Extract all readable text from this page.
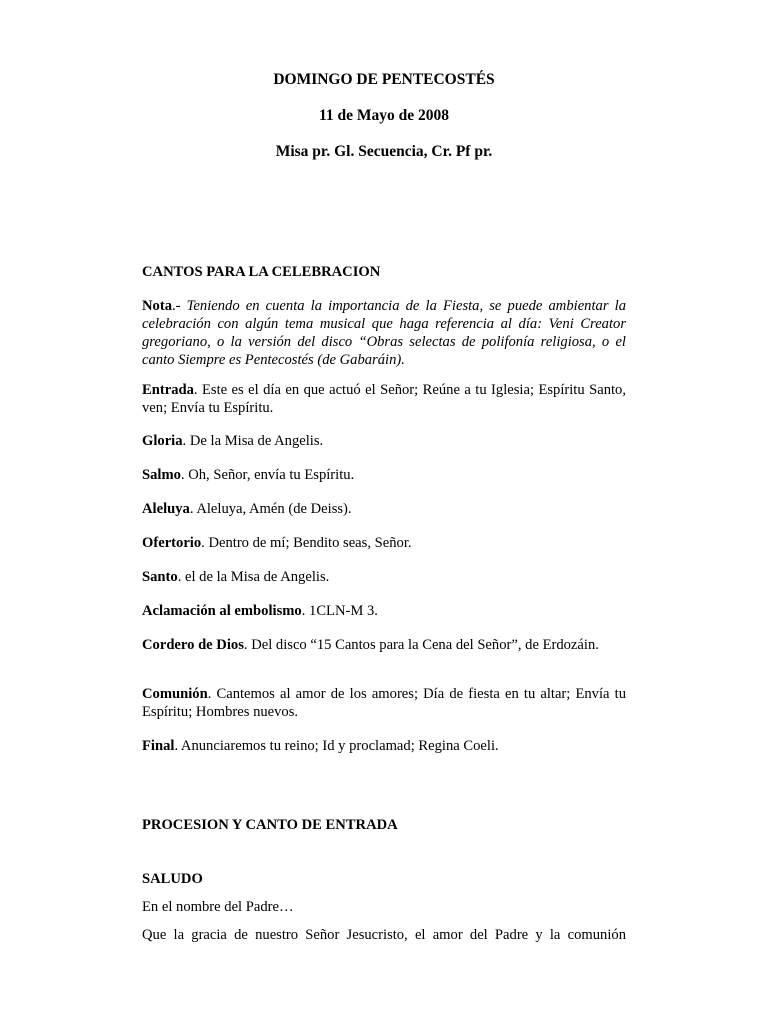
DOMINGO DE PENTECOSTÉS
11 de Mayo de 2008
Misa pr. Gl. Secuencia, Cr. Pf pr.
CANTOS PARA LA CELEBRACION
Nota.- Teniendo en cuenta la importancia de la Fiesta, se puede ambientar la celebración con algún tema musical que haga referencia al día: Veni Creator gregoriano, o la versión del disco “Obras selectas de polifonía religiosa, o el canto Siempre es Pentecostés (de Gabaráin).
Entrada. Este es el día en que actuó el Señor; Reúne a tu Iglesia; Espíritu Santo, ven; Envía tu Espíritu.
Gloria. De la Misa de Angelis.
Salmo. Oh, Señor, envía tu Espíritu.
Aleluya. Aleluya, Amén (de Deiss).
Ofertorio. Dentro de mí; Bendito seas, Señor.
Santo. el de la Misa de Angelis.
Aclamación al embolismo. 1CLN-M 3.
Cordero de Dios. Del disco “15 Cantos para la Cena del Señor”, de Erdozáin.
Comunión. Cantemos al amor de los amores; Día de fiesta en tu altar; Envía tu Espíritu; Hombres nuevos.
Final. Anunciaremos tu reino; Id y proclamad; Regina Coeli.
PROCESION Y CANTO DE ENTRADA
SALUDO
En el nombre del Padre…
Que la gracia de nuestro Señor Jesucristo, el amor del Padre y la comunión
